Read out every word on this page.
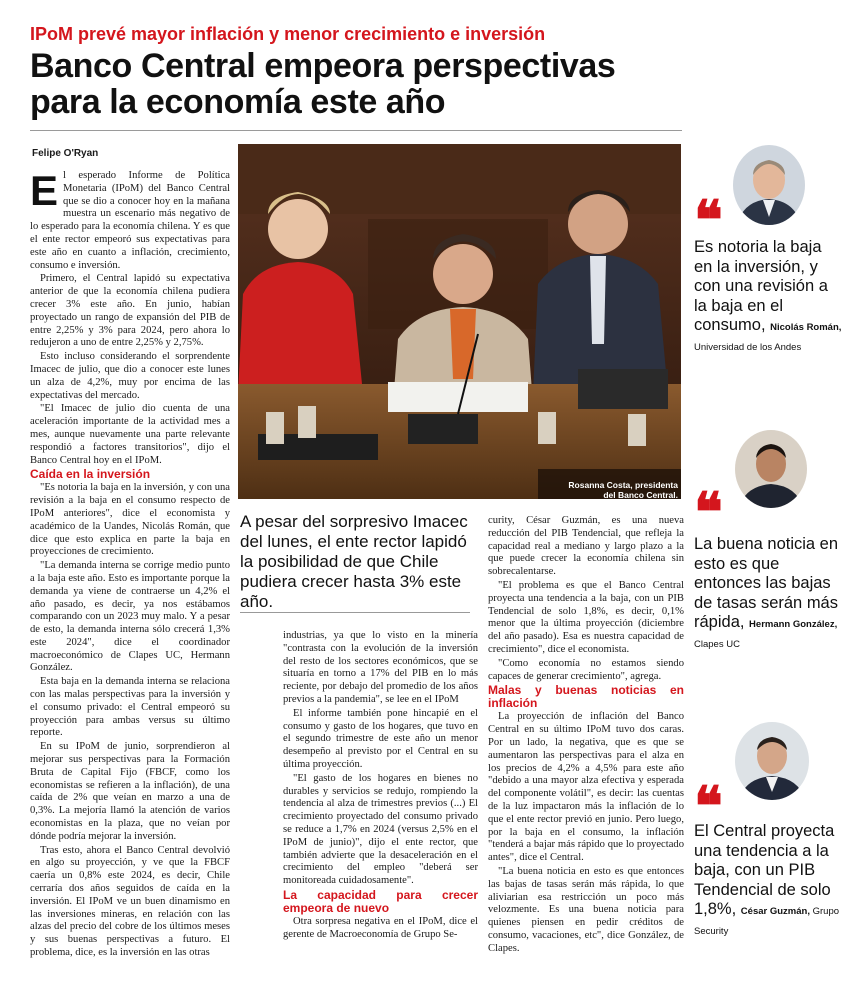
IPoM prevé mayor inflación y menor crecimiento e inversión
Banco Central empeora perspectivas para la economía este año
Felipe O'Ryan

El esperado Informe de Política Monetaria (IPoM) del Banco Central que se dio a conocer hoy en la mañana muestra un escenario más negativo de lo esperado para la economía chilena. Y es que el ente rector empeoró sus expectativas para este año en cuanto a inflación, crecimiento, consumo e inversión.

Primero, el Central lapidó su expectativa anterior de que la economía chilena pudiera crecer 3% este año. En junio, habían proyectado un rango de expansión del PIB de entre 2,25% y 3% para 2024, pero ahora lo redujeron a uno de entre 2,25% y 2,75%.

Esto incluso considerando el sorprendente Imacec de julio, que dio a conocer este lunes un alza de 4,2%, muy por encima de las expectativas del mercado.

"El Imacec de julio dio cuenta de una aceleración importante de la actividad mes a mes, aunque nuevamente una parte relevante respondió a factores transitorios", dijo el Banco Central hoy en el IPoM.

Caída en la inversión

"Es notoria la baja en la inversión, y con una revisión a la baja en el consumo respecto de IPoM anteriores", dice el economista y académico de la Uandes, Nicolás Román, que dice que esto explica en parte la baja en proyecciones de crecimiento.

"La demanda interna se corrige medio punto a la baja este año. Esto es importante porque la demanda ya viene de contraerse un 4,2% el año pasado, es decir, ya nos estábamos comparando con un 2023 muy malo. Y a pesar de esto, la demanda interna sólo crecerá 1,3% este 2024", dice el coordinador macroeconómico de Clapes UC, Hermann González.

Esta baja en la demanda interna se relaciona con las malas perspectivas para la inversión y el consumo privado: el Central empeoró su proyección para ambas versus su último reporte.

En su IPoM de junio, sorprendieron al mejorar sus perspectivas para la Formación Bruta de Capital Fijo (FBCF, como los economistas se refieren a la inflación), de una caída de 2% que veían en marzo a una de 0,3%. La mejoría llamó la atención de varios economistas en la plaza, que no veían por dónde podría mejorar la inversión.

Tras esto, ahora el Banco Central devolvió en algo su proyección, y ve que la FBCF caería un 0,8% este 2024, es decir, Chile cerraría dos años seguidos de caída en la inversión. El IPoM ve un buen dinamismo en las inversiones mineras, en relación con las alzas del precio del cobre de los últimos meses y sus buenas perspectivas a futuro. El problema, dice, es la inversión en las otras

Rosanna Costa, presidenta del Banco Central.
A pesar del sorpresivo Imacec del lunes, el ente rector lapidó la posibilidad de que Chile pudiera crecer hasta 3% este año.

industrias, ya que lo visto en la minería "contrasta con la evolución de la inversión del resto de los sectores económicos, que se situaría en torno a 17% del PIB en lo más reciente, por debajo del promedio de los años previos a la pandemia", se lee en el IPoM

El informe también pone hincapié en el consumo y gasto de los hogares, que tuvo en el segundo trimestre de este año un menor desempeño al previsto por el Central en su última proyección.

"El gasto de los hogares en bienes no durables y servicios se redujo, rompiendo la tendencia al alza de trimestres previos (...) El crecimiento proyectado del consumo privado se reduce a 1,7% en 2024 (versus 2,5% en el IPoM de junio)", dijo el ente rector, que también advierte que la desaceleración en el crecimiento del empleo "deberá ser monitoreada cuidadosamente".

La capacidad para crecer empeora de nuevo

Otra sorpresa negativa en el IPoM, dice el gerente de Macroeconomía de Grupo Se-

curity, César Guzmán, es una nueva reducción del PIB Tendencial, que refleja la capacidad real a mediano y largo plazo a la que puede crecer la economía chilena sin sobrecalentarse.

"El problema es que el Banco Central proyecta una tendencia a la baja, con un PIB Tendencial de solo 1,8%, es decir, 0,1% menor que la última proyección (diciembre del año pasado). Esa es nuestra capacidad de crecimiento", dice el economista.

"Como economía no estamos siendo capaces de generar crecimiento", agrega.

Malas y buenas noticias en inflación

La proyección de inflación del Banco Central en su último IPoM tuvo dos caras. Por un lado, la negativa, que es que se aumentaron las perspectivas para el alza en los precios de 4,2% a 4,5% para este año "debido a una mayor alza efectiva y esperada del componente volátil", es decir: las cuentas de la luz impactaron más la inflación de lo que el ente rector previó en junio. Pero luego, por la baja en el consumo, la inflación "tenderá a bajar más rápido que lo proyectado antes", dice el Central.

"La buena noticia en esto es que entonces las bajas de tasas serán más rápida, lo que aliviarian esa restricción un poco más velozmente. Es una buena noticia para quienes piensen en pedir créditos de consumo, vacaciones, etc", dice González, de Clapes.

❛❛
Es notoria la baja en la inversión, y con una revisión a la baja en el consumo, Nicolás Román, Universidad de los Andes
❛❛
La buena noticia en esto es que entonces las bajas de tasas serán más rápida, Hermann González, Clapes UC
❛❛
El Central proyecta una tendencia a la baja, con un PIB Tendencial de solo 1,8%, César Guzmán, Grupo Security
